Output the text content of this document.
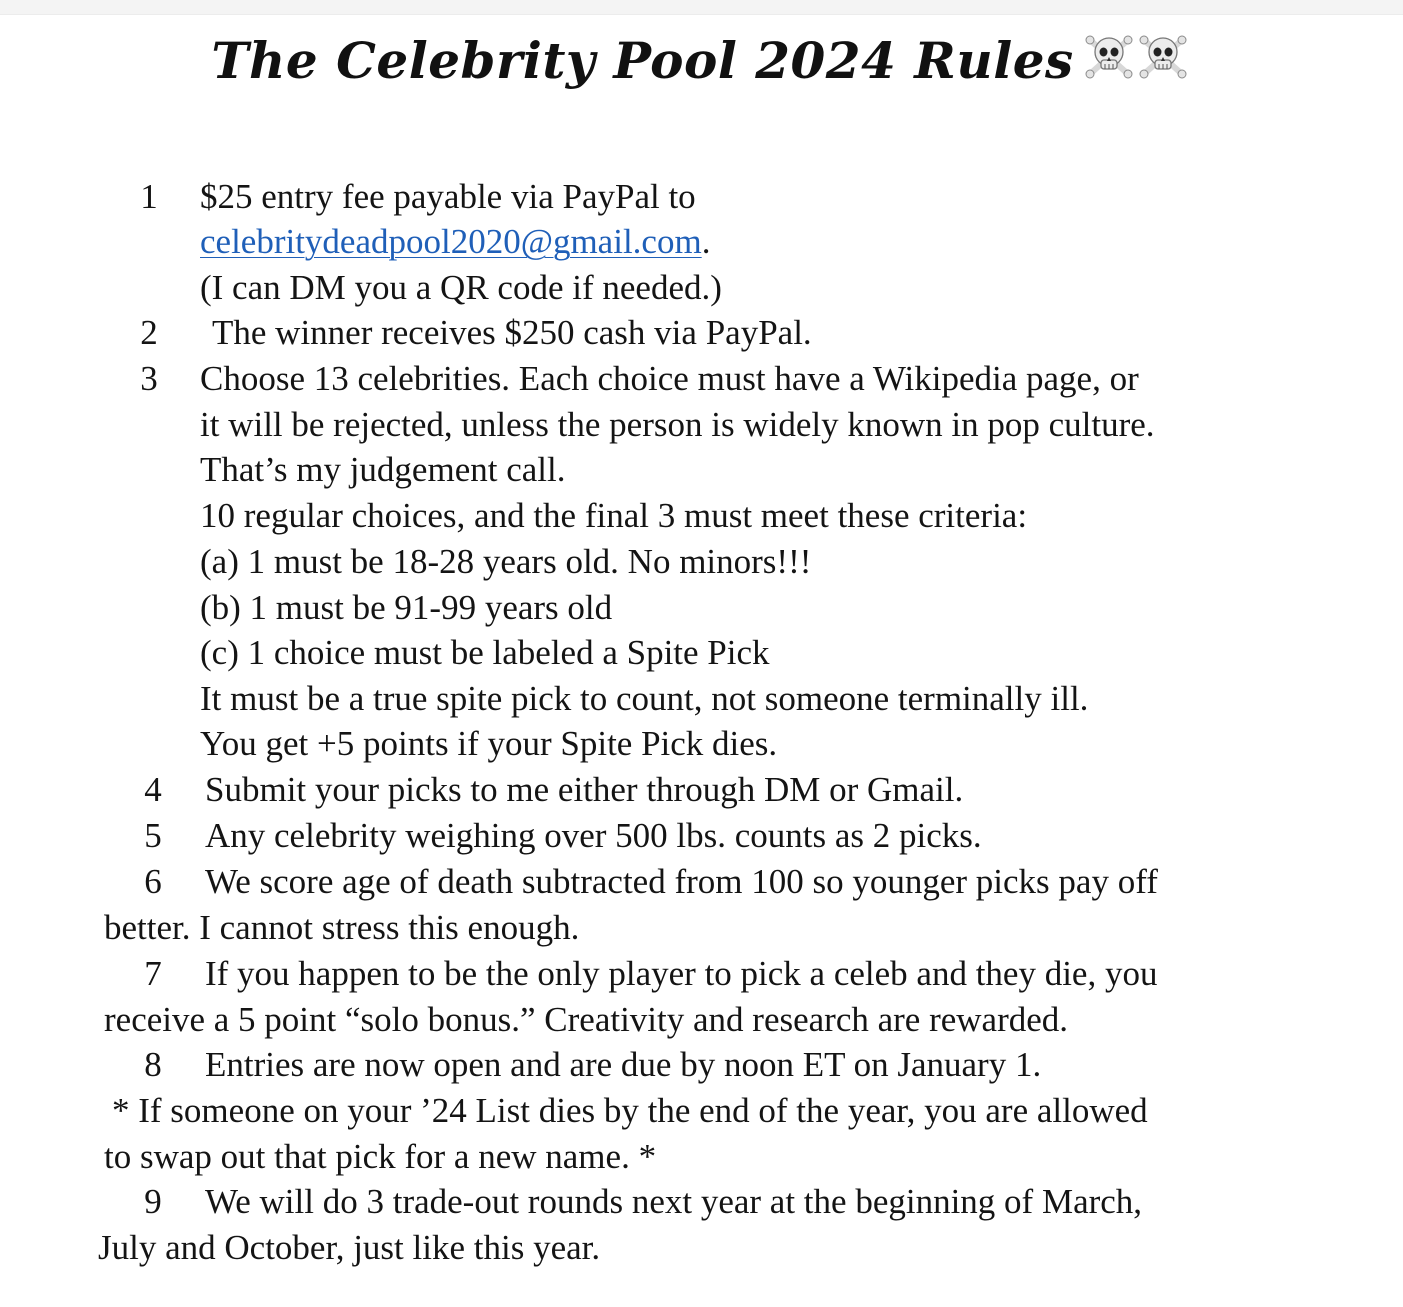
The Celebrity Pool 2024 Rules
1 $25 entry fee payable via PayPal to
celebritydeadpool2020@gmail.com.
(I can DM you a QR code if needed.)
2 The winner receives $250 cash via PayPal.
3 Choose 13 celebrities. Each choice must have a Wikipedia page, or
it will be rejected, unless the person is widely known in pop culture.
That’s my judgement call.
10 regular choices, and the final 3 must meet these criteria:
(a) 1 must be 18-28 years old. No minors!!!
(b) 1 must be 91-99 years old
(c) 1 choice must be labeled a Spite Pick
It must be a true spite pick to count, not someone terminally ill.
You get +5 points if your Spite Pick dies.
4 Submit your picks to me either through DM or Gmail.
5 Any celebrity weighing over 500 lbs. counts as 2 picks.
6 We score age of death subtracted from 100 so younger picks pay off
better. I cannot stress this enough.
7 If you happen to be the only player to pick a celeb and they die, you
receive a 5 point “solo bonus.” Creativity and research are rewarded.
8 Entries are now open and are due by noon ET on January 1.
* If someone on your ’24 List dies by the end of the year, you are allowed
to swap out that pick for a new name. *
9 We will do 3 trade-out rounds next year at the beginning of March,
July and October, just like this year.
